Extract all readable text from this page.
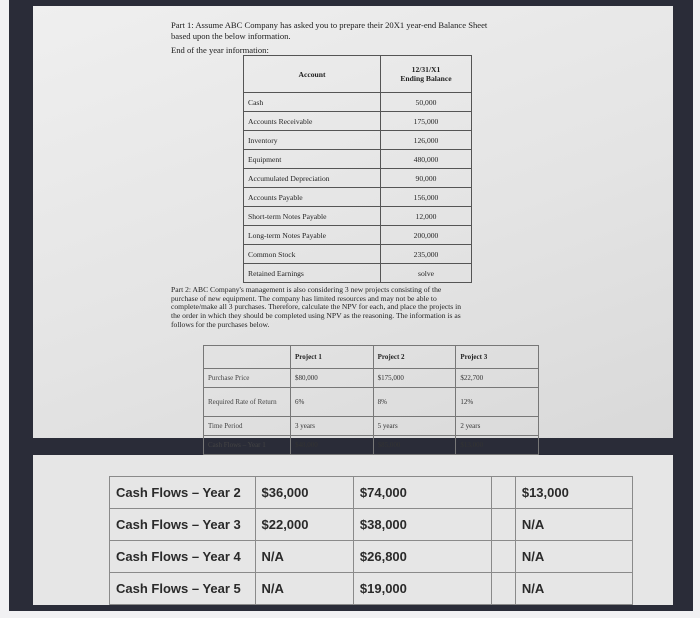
Part 1: Assume ABC Company has asked you to prepare their 20X1 year-end Balance Sheet
based upon the below information.
End of the year information:
Account	12/31/X1
Ending Balance

Cash	50,000
Accounts Receivable	175,000
Inventory	126,000
Equipment	480,000
Accumulated Depreciation	90,000
Accounts Payable	156,000
Short-term Notes Payable	12,000
Long-term Notes Payable	200,000
Common Stock	235,000
Retained Earnings	solve
Part 2: ABC Company's management is also considering 3 new projects consisting of the
purchase of new equipment. The company has limited resources and may not be able to
complete/make all 3 purchases. Therefore, calculate the NPV for each, and place the projects in
the order in which they should be completed using NPV as the reasoning. The information is as
follows for the purchases below.
	Project 1	Project 2	Project 3
Purchase Price	$80,000	$175,000	$22,700
Required Rate of Return	6%	8%	12%
Time Period	3 years	5 years	2 years
Cash Flows – Year 1	$48,000	$85,000	$13,000
Cash Flows – Year 2	$36,000	$74,000		$13,000
Cash Flows – Year 3	$22,000	$38,000		N/A
Cash Flows – Year 4	N/A	$26,800		N/A
Cash Flows – Year 5	N/A	$19,000		N/A
